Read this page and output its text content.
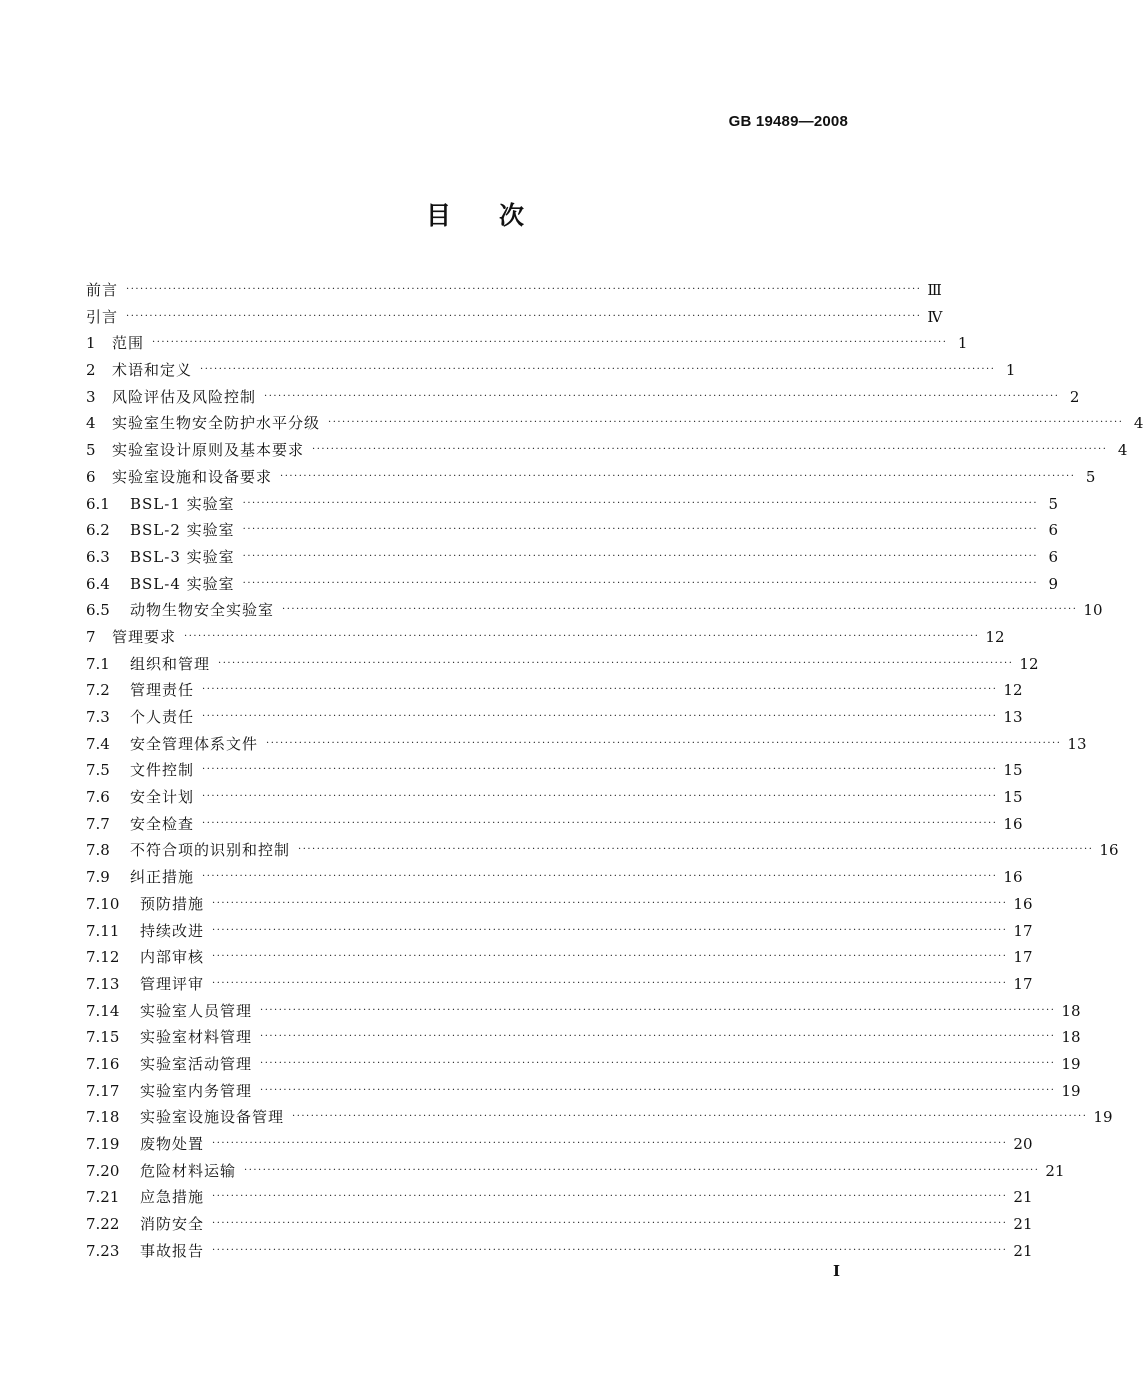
GB 19489—2008
目次
前言 ·········································································································································································· Ⅲ
引言 ·········································································································································································· Ⅳ
1	范围 ·········································································································································································· 1
2	术语和定义 ·········································································································································································· 1
3	风险评估及风险控制 ·········································································································································································· 2
4	实验室生物安全防护水平分级 ·········································································································································································· 4
5	实验室设计原则及基本要求 ·········································································································································································· 4
6	实验室设施和设备要求 ·········································································································································································· 5
6.1	BSL-1 实验室 ·········································································································································································· 5
6.2	BSL-2 实验室 ·········································································································································································· 6
6.3	BSL-3 实验室 ·········································································································································································· 6
6.4	BSL-4 实验室 ·········································································································································································· 9
6.5	动物生物安全实验室 ·········································································································································································· 10
7	管理要求 ·········································································································································································· 12
7.1	组织和管理 ·········································································································································································· 12
7.2	管理责任 ·········································································································································································· 12
7.3	个人责任 ·········································································································································································· 13
7.4	安全管理体系文件 ·········································································································································································· 13
7.5	文件控制 ·········································································································································································· 15
7.6	安全计划 ·········································································································································································· 15
7.7	安全检查 ·········································································································································································· 16
7.8	不符合项的识别和控制 ·········································································································································································· 16
7.9	纠正措施 ·········································································································································································· 16
7.10	预防措施 ·········································································································································································· 16
7.11	持续改进 ·········································································································································································· 17
7.12	内部审核 ·········································································································································································· 17
7.13	管理评审 ·········································································································································································· 17
7.14	实验室人员管理 ·········································································································································································· 18
7.15	实验室材料管理 ·········································································································································································· 18
7.16	实验室活动管理 ·········································································································································································· 19
7.17	实验室内务管理 ·········································································································································································· 19
7.18	实验室设施设备管理 ·········································································································································································· 19
7.19	废物处置 ·········································································································································································· 20
7.20	危险材料运输 ·········································································································································································· 21
7.21	应急措施 ·········································································································································································· 21
7.22	消防安全 ·········································································································································································· 21
7.23	事故报告 ·········································································································································································· 21
I
